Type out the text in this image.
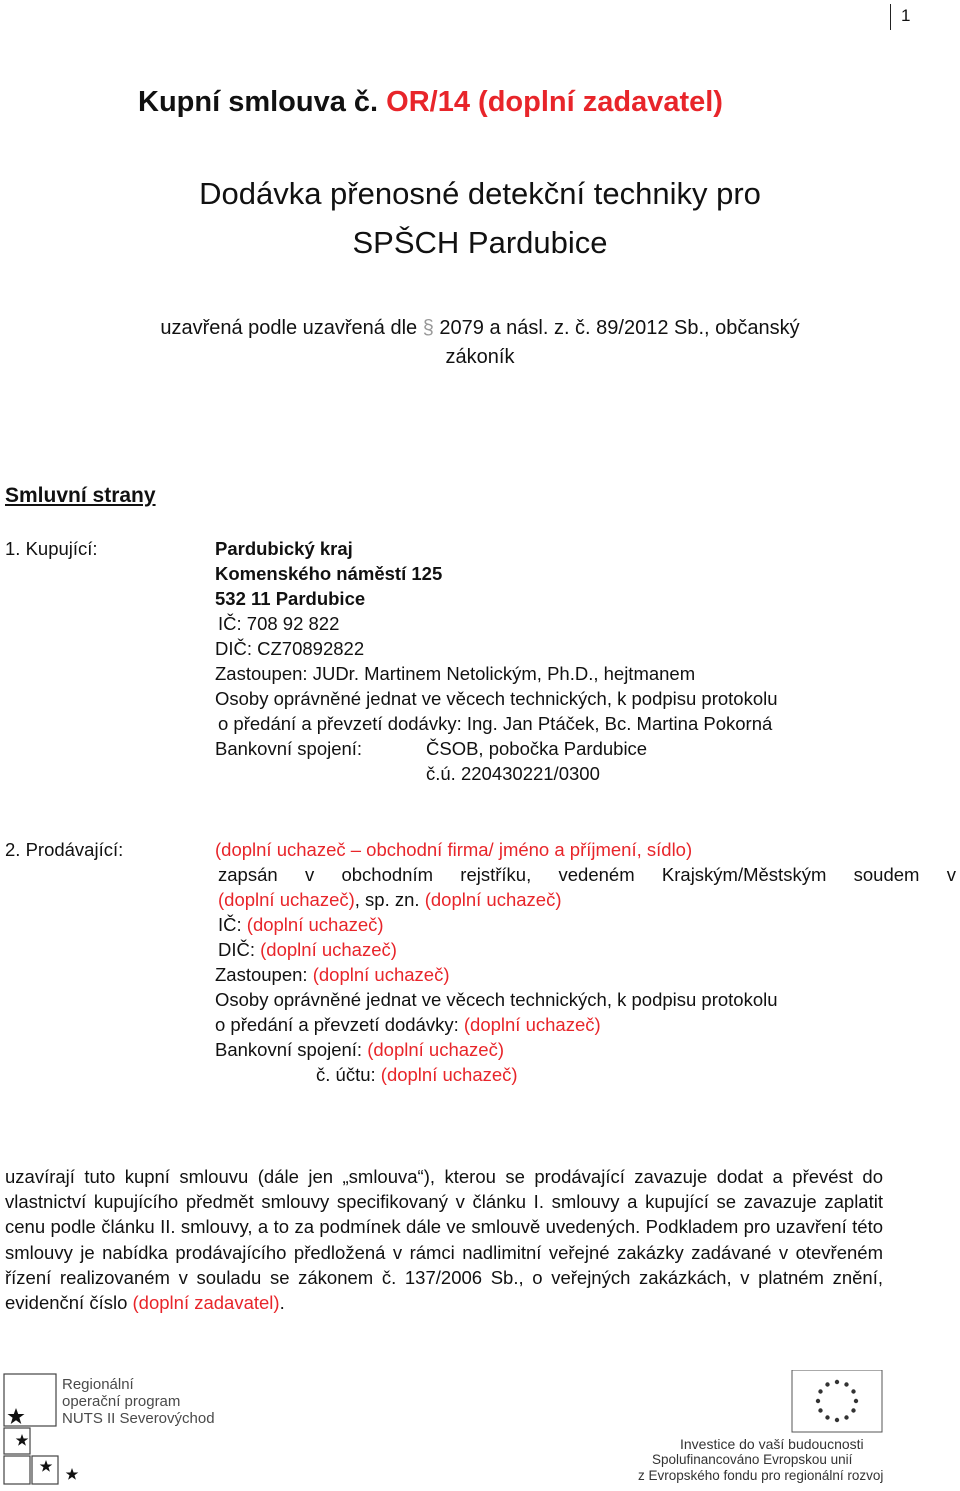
1
Kupní smlouva č. OR/14 (doplní zadavatel)
Dodávka přenosné detekční techniky pro
SPŠCH Pardubice
uzavřená podle uzavřená dle § 2079 a násl. z. č. 89/2012 Sb., občanský
zákoník
Smluvní strany
1. Kupující:	Pardubický kraj
Komenského náměstí 125
532 11 Pardubice
IČ: 708 92 822
DIČ: CZ70892822
Zastoupen: JUDr. Martinem Netolickým, Ph.D., hejtmanem
Osoby oprávněné jednat ve věcech technických, k podpisu protokolu
o předání a převzetí dodávky: Ing. Jan Ptáček, Bc. Martina Pokorná
Bankovní spojení:	ČSOB, pobočka Pardubice
č.ú. 220430221/0300
2. Prodávající:	(doplní uchazeč – obchodní firma/ jméno a příjmení, sídlo)
zapsán v obchodním rejstříku, vedeném Krajským/Městským soudem v
(doplní uchazeč), sp. zn. (doplní uchazeč)
IČ: (doplní uchazeč)
DIČ: (doplní uchazeč)
Zastoupen: (doplní uchazeč)
Osoby oprávněné jednat ve věcech technických, k podpisu protokolu
o předání a převzetí dodávky: (doplní uchazeč)
Bankovní spojení: (doplní uchazeč)
č. účtu: (doplní uchazeč)
uzavírají tuto kupní smlouvu (dále jen „smlouva“), kterou se prodávající zavazuje dodat a převést do vlastnictví kupujícího předmět smlouvy specifikovaný v článku I. smlouvy a kupující se zavazuje zaplatit cenu podle článku II. smlouvy, a to za podmínek dále ve smlouvě uvedených. Podkladem pro uzavření této smlouvy je nabídka prodávajícího předložená v rámci nadlimitní veřejné zakázky zadávané v otevřeném řízení realizovaném v souladu se zákonem č. 137/2006 Sb., o veřejných zakázkách, v platném znění, evidenční číslo (doplní zadavatel).
Regionální
operační program
NUTS II Severovýchod
Investice do vaší budoucnosti
Spolufinancováno Evropskou unií
z Evropského fondu pro regionální rozvoj
